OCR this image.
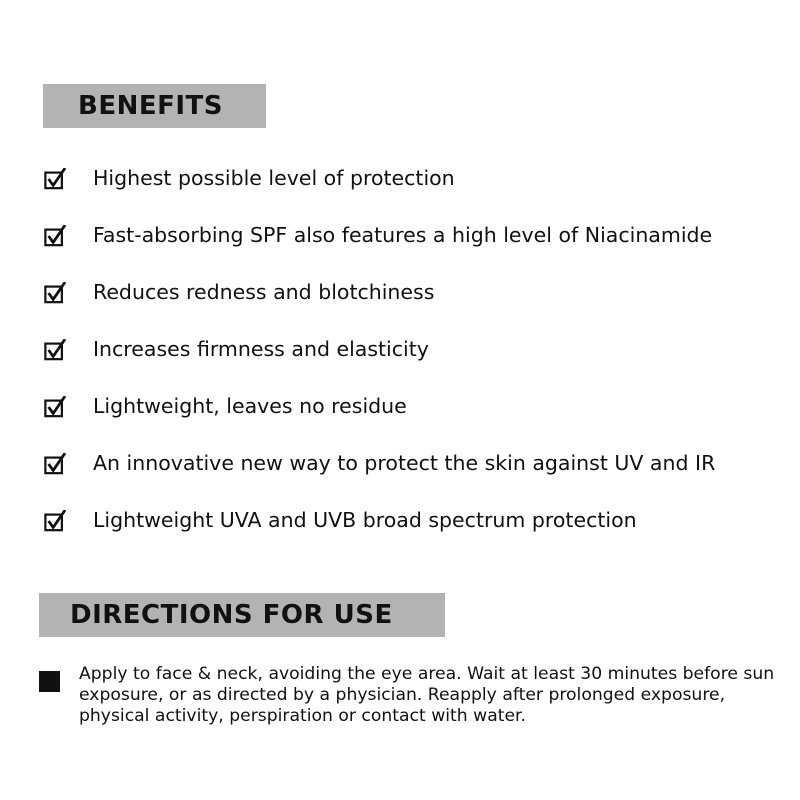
BENEFITS
Highest possible level of protection
Fast-absorbing SPF also features a high level of Niacinamide
Reduces redness and blotchiness
Increases firmness and elasticity
Lightweight, leaves no residue
An innovative new way to protect the skin against UV and IR
Lightweight UVA and UVB broad spectrum protection
DIRECTIONS FOR USE
Apply to face & neck, avoiding the eye area. Wait at least 30 minutes before sun exposure, or as directed by a physician. Reapply after prolonged exposure, physical activity, perspiration or contact with water.
